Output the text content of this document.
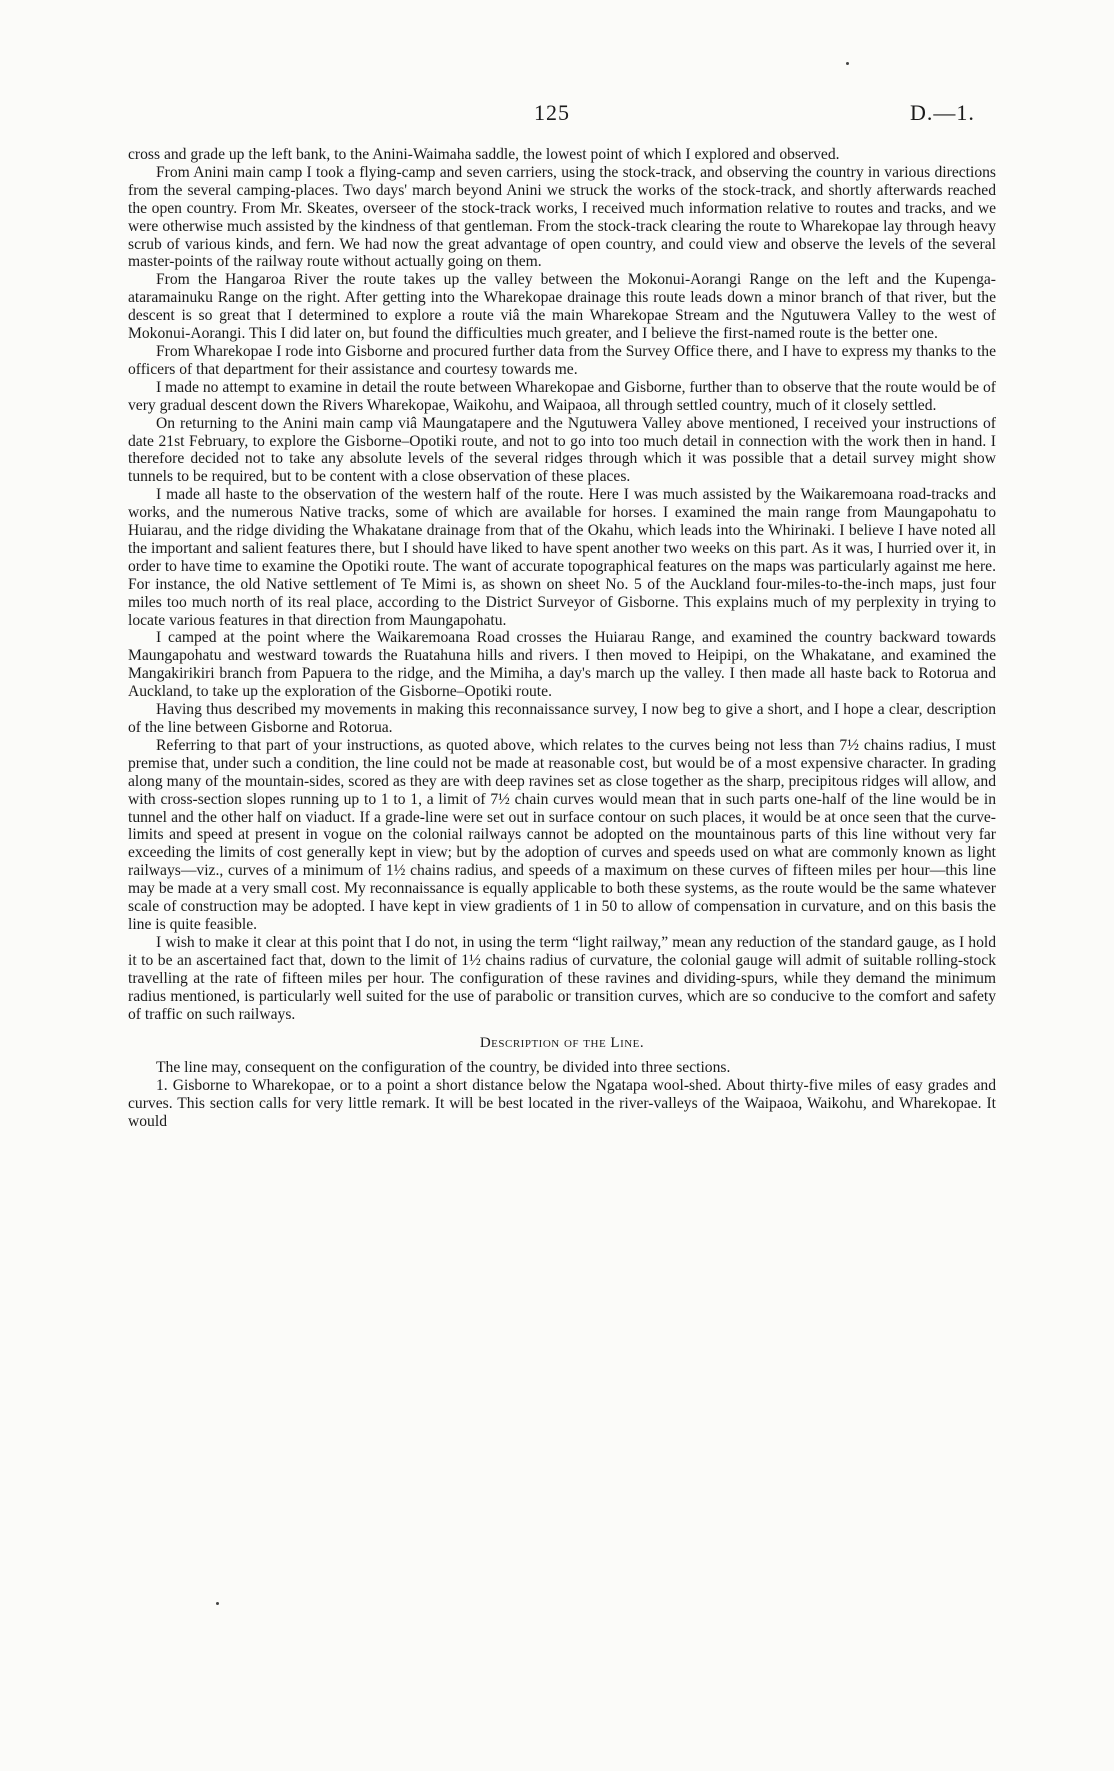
125	D.—1.

cross and grade up the left bank, to the Anini-Waimaha saddle, the lowest point of which I explored and observed.

From Anini main camp I took a flying-camp and seven carriers, using the stock-track, and observing the country in various directions from the several camping-places. Two days' march beyond Anini we struck the works of the stock-track, and shortly afterwards reached the open country. From Mr. Skeates, overseer of the stock-track works, I received much information relative to routes and tracks, and we were otherwise much assisted by the kindness of that gentleman. From the stock-track clearing the route to Wharekopae lay through heavy scrub of various kinds, and fern. We had now the great advantage of open country, and could view and observe the levels of the several master-points of the railway route without actually going on them.

From the Hangaroa River the route takes up the valley between the Mokonui-Aorangi Range on the left and the Kupenga-ataramainuku Range on the right. After getting into the Wharekopae drainage this route leads down a minor branch of that river, but the descent is so great that I determined to explore a route viâ the main Wharekopae Stream and the Ngutuwera Valley to the west of Mokonui-Aorangi. This I did later on, but found the difficulties much greater, and I believe the first-named route is the better one.

From Wharekopae I rode into Gisborne and procured further data from the Survey Office there, and I have to express my thanks to the officers of that department for their assistance and courtesy towards me.

I made no attempt to examine in detail the route between Wharekopae and Gisborne, further than to observe that the route would be of very gradual descent down the Rivers Wharekopae, Waikohu, and Waipaoa, all through settled country, much of it closely settled.

On returning to the Anini main camp viâ Maungatapere and the Ngutuwera Valley above mentioned, I received your instructions of date 21st February, to explore the Gisborne–Opotiki route, and not to go into too much detail in connection with the work then in hand. I therefore decided not to take any absolute levels of the several ridges through which it was possible that a detail survey might show tunnels to be required, but to be content with a close observation of these places.

I made all haste to the observation of the western half of the route. Here I was much assisted by the Waikaremoana road-tracks and works, and the numerous Native tracks, some of which are available for horses. I examined the main range from Maungapohatu to Huiarau, and the ridge dividing the Whakatane drainage from that of the Okahu, which leads into the Whirinaki. I believe I have noted all the important and salient features there, but I should have liked to have spent another two weeks on this part. As it was, I hurried over it, in order to have time to examine the Opotiki route. The want of accurate topographical features on the maps was particularly against me here. For instance, the old Native settlement of Te Mimi is, as shown on sheet No. 5 of the Auckland four-miles-to-the-inch maps, just four miles too much north of its real place, according to the District Surveyor of Gisborne. This explains much of my perplexity in trying to locate various features in that direction from Maungapohatu.

I camped at the point where the Waikaremoana Road crosses the Huiarau Range, and examined the country backward towards Maungapohatu and westward towards the Ruatahuna hills and rivers. I then moved to Heipipi, on the Whakatane, and examined the Mangakirikiri branch from Papuera to the ridge, and the Mimiha, a day's march up the valley. I then made all haste back to Rotorua and Auckland, to take up the exploration of the Gisborne–Opotiki route.

Having thus described my movements in making this reconnaissance survey, I now beg to give a short, and I hope a clear, description of the line between Gisborne and Rotorua.

Referring to that part of your instructions, as quoted above, which relates to the curves being not less than 7½ chains radius, I must premise that, under such a condition, the line could not be made at reasonable cost, but would be of a most expensive character. In grading along many of the mountain-sides, scored as they are with deep ravines set as close together as the sharp, precipitous ridges will allow, and with cross-section slopes running up to 1 to 1, a limit of 7½ chain curves would mean that in such parts one-half of the line would be in tunnel and the other half on viaduct. If a grade-line were set out in surface contour on such places, it would be at once seen that the curve-limits and speed at present in vogue on the colonial railways cannot be adopted on the mountainous parts of this line without very far exceeding the limits of cost generally kept in view; but by the adoption of curves and speeds used on what are commonly known as light railways—viz., curves of a minimum of 1½ chains radius, and speeds of a maximum on these curves of fifteen miles per hour—this line may be made at a very small cost. My reconnaissance is equally applicable to both these systems, as the route would be the same whatever scale of construction may be adopted. I have kept in view gradients of 1 in 50 to allow of compensation in curvature, and on this basis the line is quite feasible.

I wish to make it clear at this point that I do not, in using the term “light railway,” mean any reduction of the standard gauge, as I hold it to be an ascertained fact that, down to the limit of 1½ chains radius of curvature, the colonial gauge will admit of suitable rolling-stock travelling at the rate of fifteen miles per hour. The configuration of these ravines and dividing-spurs, while they demand the minimum radius mentioned, is particularly well suited for the use of parabolic or transition curves, which are so conducive to the comfort and safety of traffic on such railways.

Description of the Line.

The line may, consequent on the configuration of the country, be divided into three sections.

1. Gisborne to Wharekopae, or to a point a short distance below the Ngatapa wool-shed. About thirty-five miles of easy grades and curves. This section calls for very little remark. It will be best located in the river-valleys of the Waipaoa, Waikohu, and Wharekopae. It would
